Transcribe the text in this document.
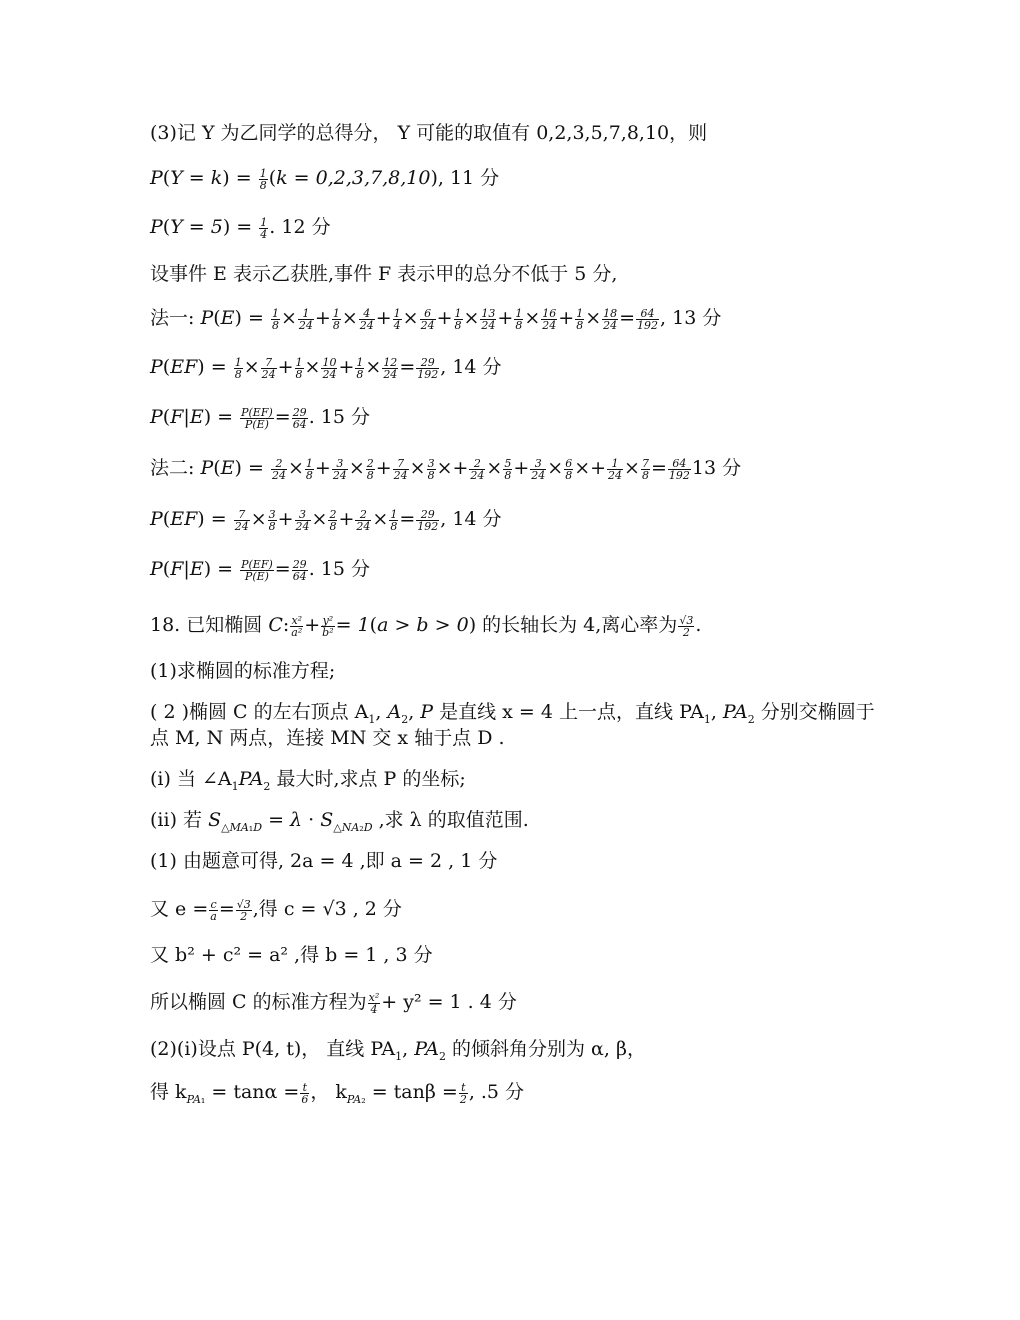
(3)记 Y 为乙同学的总得分， Y 可能的取值有 0,2,3,5,7,8,10，则
$P(Y = k) = \frac{1}{8} (k = 0,2,3,7,8,10)$, 11 分
$P(Y = 5) = \frac{1}{4}$ . 12 分
设事件 E 表示乙获胜,事件 F 表示甲的总分不低于 5 分,
法一: $P(E) = \frac{1}{8} \times \frac{1}{24} + \frac{1}{8} \times \frac{4}{24} + \frac{1}{4} \times \frac{6}{24} + \frac{1}{8} \times \frac{13}{24} + \frac{1}{8} \times \frac{16}{24} + \frac{1}{8} \times \frac{18}{24} = \frac{64}{192}$ , 13 分
$P(EF) = \frac{1}{8} \times \frac{7}{24} + \frac{1}{8} \times \frac{10}{24} + \frac{1}{8} \times \frac{12}{24} = \frac{29}{192}$ , 14 分
$P(F|E) = \frac{P(EF)}{P(E)} = \frac{29}{64}$ . 15 分
法二: $P(E) = \frac{2}{24} \times \frac{1}{8} + \frac{3}{24} \times \frac{2}{8} + \frac{7}{24} \times \frac{3}{8} \times+ \frac{2}{24} \times \frac{5}{8} + \frac{3}{24} \times \frac{6}{8} \times+ \frac{1}{24} \times \frac{7}{8} = \frac{64}{192} 13$ 分
$P(EF) = \frac{7}{24} \times \frac{3}{8} + \frac{3}{24} \times \frac{2}{8} + \frac{2}{24} \times \frac{1}{8} = \frac{29}{192}$ , 14 分
$P(F|E) = \frac{P(EF)}{P(E)} = \frac{29}{64}$ . 15 分
18. 已知椭圆 C: $\frac{\text{x²}}{\text{a²}} + \frac{\text{y²}}{\text{b²}} = 1(a > b > 0)$ 的长轴长为 4,离心率为 $\frac{√3}{2}$ .
(1)求椭圆的标准方程;
( 2 )椭圆 C 的左右顶点 $A_1$, $A_2$, P 是直线 x = 4 上一点，直线 $PA_1$, $PA_2$ 分别交椭圆于
点 M, N 两点，连接 MN 交 x 轴于点 D .
(i) 当 $\angle A_1PA_2$ 最大时,求点 P 的坐标;
(ii) 若 $S_{\triangle MA_1D} = \lambda \cdot S_{\triangle NA_2D}$ ,求 λ 的取值范围.
(1) 由题意可得, 2a = 4 ,即 a = 2 , 1 分
又 $e = \frac{c}{a} = \frac{√3}{2}$ ,得 c = √3 , 2 分
又 b² + c² = a² ,得 b = 1 , 3 分
所以椭圆 C 的标准方程为 $\frac{\text{x²}}{4} + y^2 = 1$ . 4 分
(2)(i)设点 P(4, t)， 直线 $PA_1$, $PA_2$ 的倾斜角分别为 α, β，
得 $k_{PA_1} = \tan\alpha = \frac{t}{6}$ ， $k_{PA_2} = \tan\beta = \frac{t}{2}$ , .5 分
